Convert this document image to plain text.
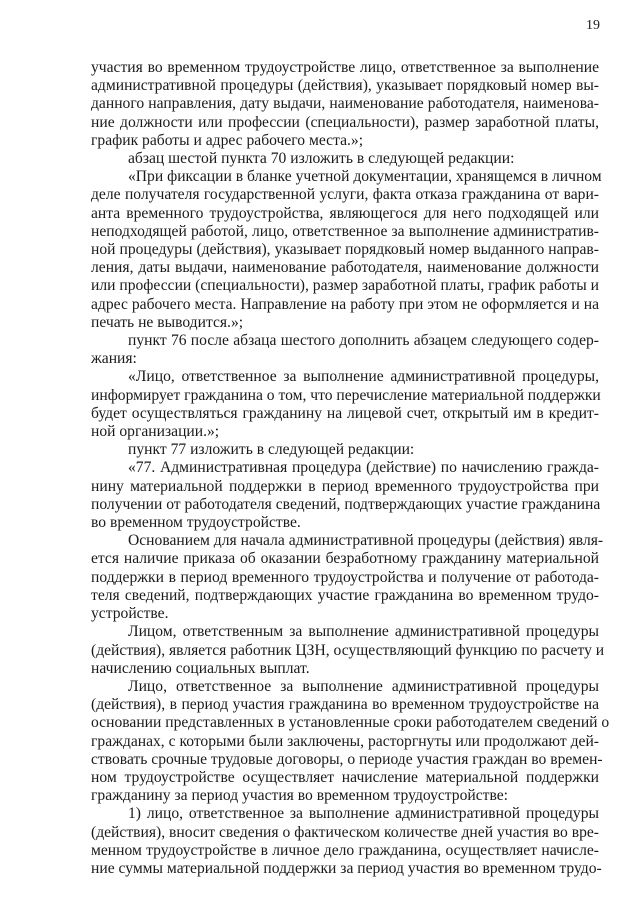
19
участия во временном трудоустройстве лицо, ответственное за выполнение
административной процедуры (действия), указывает порядковый номер вы-
данного направления, дату выдачи, наименование работодателя, наименова-
ние должности или профессии (специальности), размер заработной платы,
график работы и адрес рабочего места.»;
абзац шестой пункта 70 изложить в следующей редакции:
«При фиксации в бланке учетной документации, хранящемся в личном
деле получателя государственной услуги, факта отказа гражданина от вари-
анта временного трудоустройства, являющегося для него подходящей или
неподходящей работой, лицо, ответственное за выполнение административ-
ной процедуры (действия), указывает порядковый номер выданного направ-
ления, даты выдачи, наименование работодателя, наименование должности
или профессии (специальности), размер заработной платы, график работы и
адрес рабочего места. Направление на работу при этом не оформляется и на
печать не выводится.»;
пункт 76 после абзаца шестого дополнить абзацем следующего содер-
жания:
«Лицо, ответственное за выполнение административной процедуры,
информирует гражданина о том, что перечисление материальной поддержки
будет осуществляться гражданину на лицевой счет, открытый им в кредит-
ной организации.»;
пункт 77 изложить в следующей редакции:
«77. Административная процедура (действие) по начислению гражда-
нину материальной поддержки в период временного трудоустройства при
получении от работодателя сведений, подтверждающих участие гражданина
во временном трудоустройстве.
Основанием для начала административной процедуры (действия) явля-
ется наличие приказа об оказании безработному гражданину материальной
поддержки в период временного трудоустройства и получение от работода-
теля сведений, подтверждающих участие гражданина во временном трудо-
устройстве.
Лицом, ответственным за выполнение административной процедуры
(действия), является работник ЦЗН, осуществляющий функцию по расчету и
начислению социальных выплат.
Лицо, ответственное за выполнение административной процедуры
(действия), в период участия гражданина во временном трудоустройстве на
основании представленных в установленные сроки работодателем сведений о
гражданах, с которыми были заключены, расторгнуты или продолжают дей-
ствовать срочные трудовые договоры, о периоде участия граждан во времен-
ном трудоустройстве осуществляет начисление материальной поддержки
гражданину за период участия во временном трудоустройстве:
1) лицо, ответственное за выполнение административной процедуры
(действия), вносит сведения о фактическом количестве дней участия во вре-
менном трудоустройстве в личное дело гражданина, осуществляет начисле-
ние суммы материальной поддержки за период участия во временном трудо-
